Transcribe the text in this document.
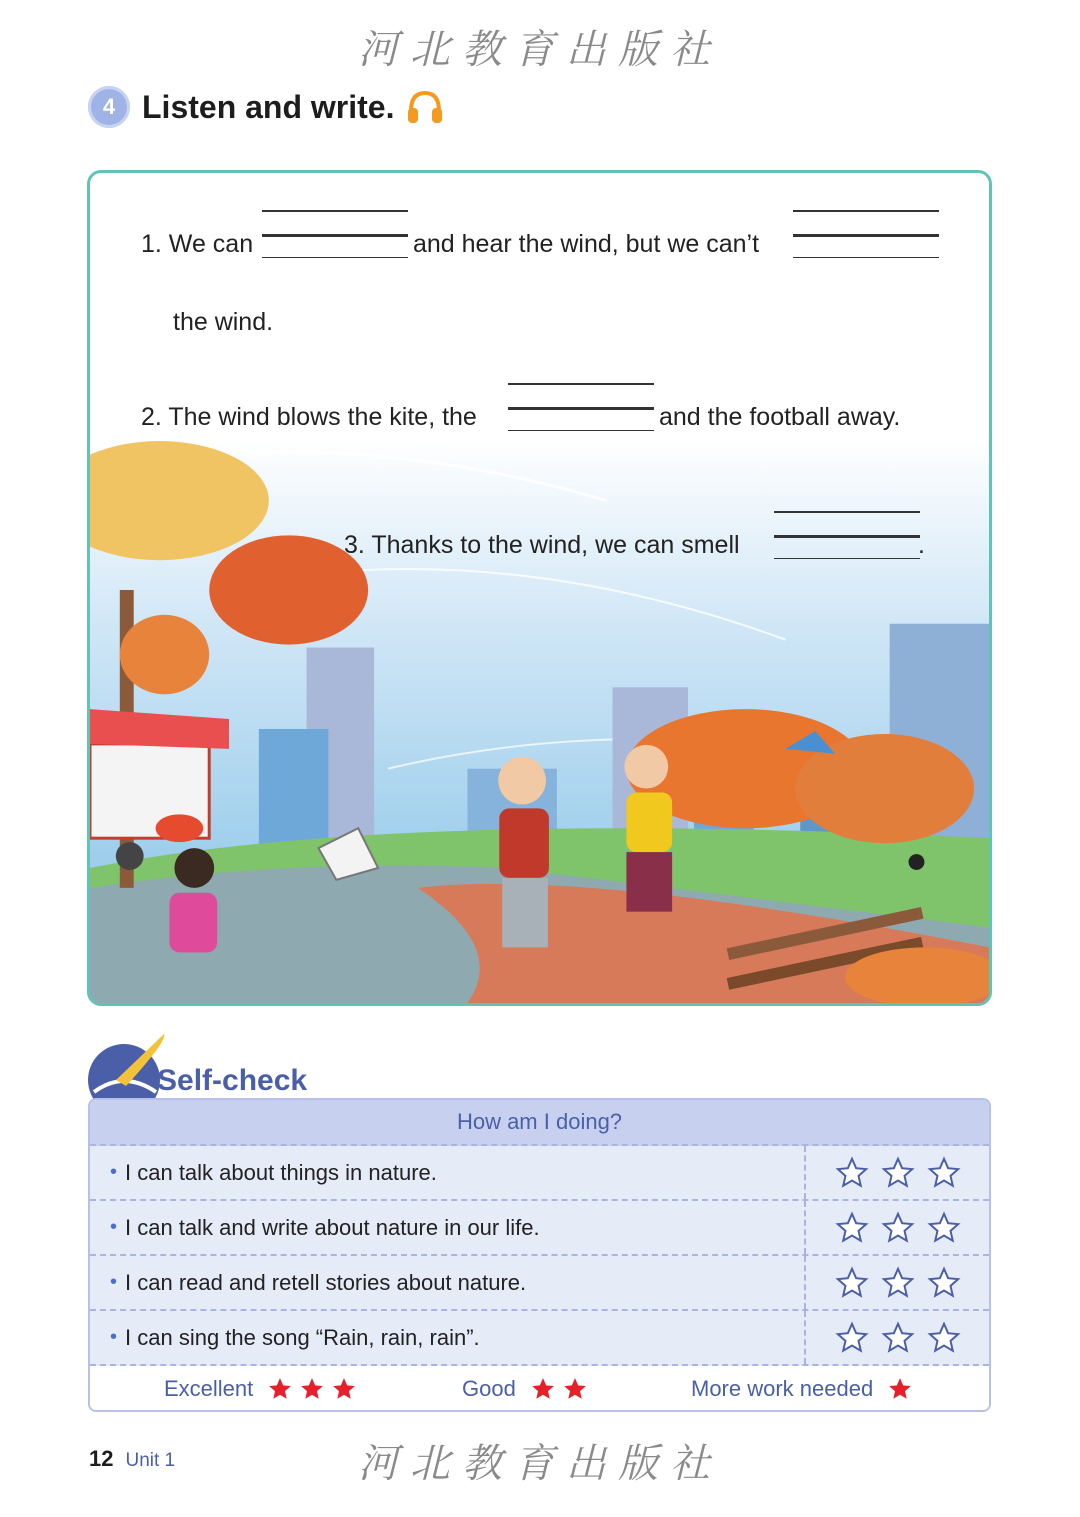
河北教育出版社
4 Listen and write.
1. We can	and hear the wind, but we can’t
the wind.
2. The wind blows the kite, the	and the football away.
3. Thanks to the wind, we can smell	.
Self-check
How am I doing?
• I can talk about things in nature.
• I can talk and write about nature in our life.
• I can read and retell stories about nature.
• I can sing the song “Rain, rain, rain”.
Excellent	Good	More work needed
12 Unit 1	河北教育出版社
